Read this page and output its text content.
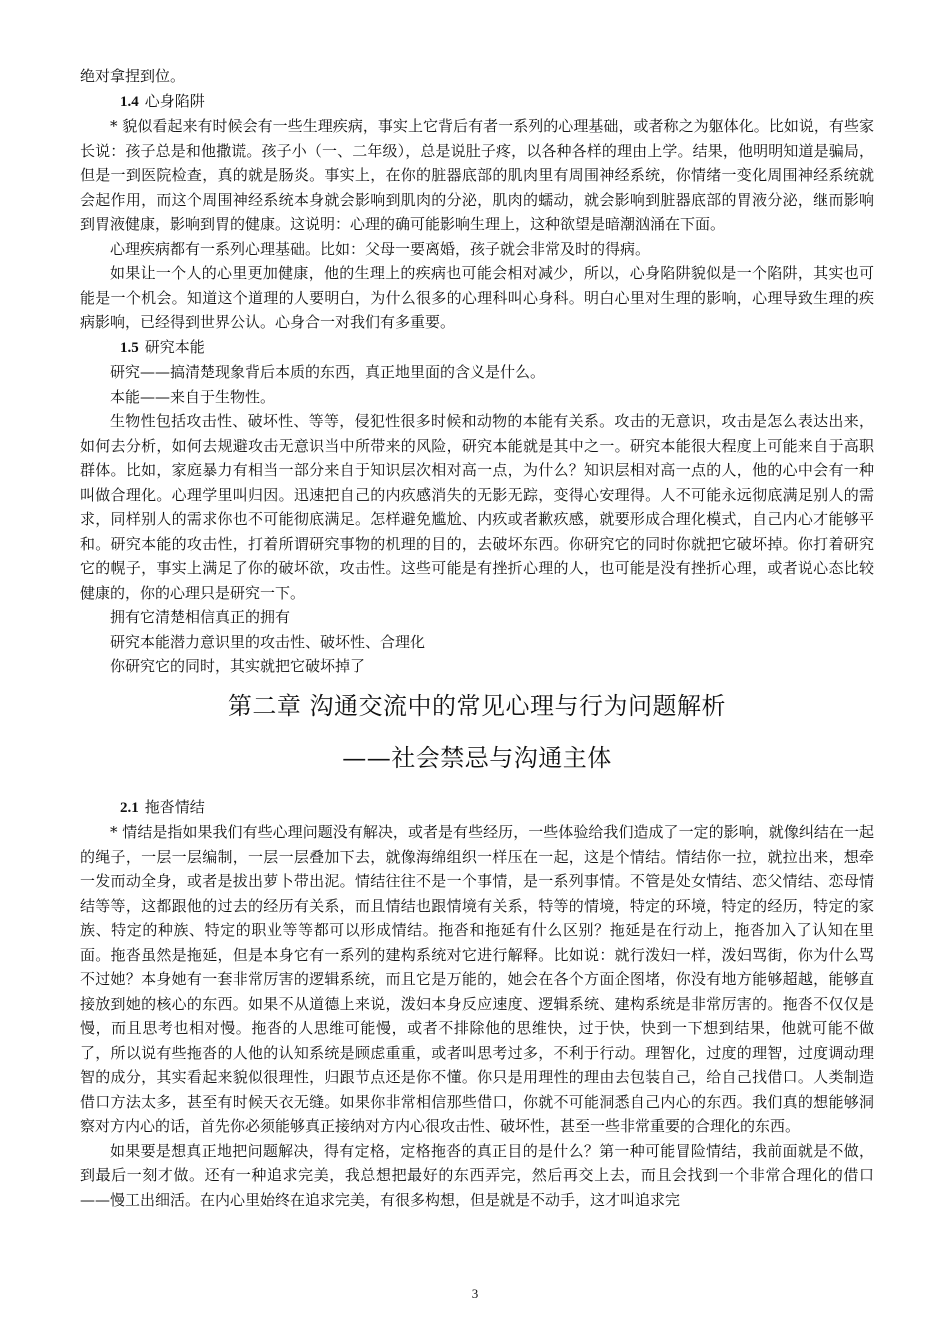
绝对拿捏到位。

1.4 心身陷阱

* 貌似看起来有时候会有一些生理疾病，事实上它背后有者一系列的心理基础，或者称之为躯体化。比如说，有些家长说：孩子总是和他撒谎。孩子小（一、二年级），总是说肚子疼，以各种各样的理由上学。结果，他明明知道是骗局，但是一到医院检查，真的就是肠炎。事实上，在你的脏器底部的肌肉里有周围神经系统，你情绪一变化周围神经系统就会起作用，而这个周围神经系统本身就会影响到肌肉的分泌，肌肉的蠕动，就会影响到脏器底部的胃液分泌，继而影响到胃液健康，影响到胃的健康。这说明：心理的确可能影响生理上，这种欲望是暗潮汹涌在下面。

心理疾病都有一系列心理基础。比如：父母一要离婚，孩子就会非常及时的得病。

如果让一个人的心里更加健康，他的生理上的疾病也可能会相对减少，所以，心身陷阱貌似是一个陷阱，其实也可能是一个机会。知道这个道理的人要明白，为什么很多的心理科叫心身科。明白心里对生理的影响，心理导致生理的疾病影响，已经得到世界公认。心身合一对我们有多重要。

1.5 研究本能

研究——搞清楚现象背后本质的东西，真正地里面的含义是什么。

本能——来自于生物性。

生物性包括攻击性、破坏性、等等，侵犯性很多时候和动物的本能有关系。攻击的无意识，攻击是怎么表达出来，如何去分析，如何去规避攻击无意识当中所带来的风险，研究本能就是其中之一。研究本能很大程度上可能来自于高职群体。比如，家庭暴力有相当一部分来自于知识层次相对高一点，为什么？知识层相对高一点的人，他的心中会有一种叫做合理化。心理学里叫归因。迅速把自己的内疚感消失的无影无踪，变得心安理得。人不可能永远彻底满足别人的需求，同样别人的需求你也不可能彻底满足。怎样避免尴尬、内疚或者歉疚感，就要形成合理化模式，自己内心才能够平和。研究本能的攻击性，打着所谓研究事物的机理的目的，去破坏东西。你研究它的同时你就把它破坏掉。你打着研究它的幌子，事实上满足了你的破坏欲，攻击性。这些可能是有挫折心理的人，也可能是没有挫折心理，或者说心态比较健康的，你的心理只是研究一下。

拥有它清楚相信真正的拥有

研究本能潜力意识里的攻击性、破坏性、合理化

你研究它的同时，其实就把它破坏掉了

第二章 沟通交流中的常见心理与行为问题解析
——社会禁忌与沟通主体
2.1 拖沓情结

* 情结是指如果我们有些心理问题没有解决，或者是有些经历，一些体验给我们造成了一定的影响，就像纠结在一起的绳子，一层一层编制，一层一层叠加下去，就像海绵组织一样压在一起，这是个情结。情结你一拉，就拉出来，想牵一发而动全身，或者是拔出萝卜带出泥。情结往往不是一个事情，是一系列事情。不管是处女情结、恋父情结、恋母情结等等，这都跟他的过去的经历有关系，而且情结也跟情境有关系，特等的情境，特定的环境，特定的经历，特定的家族、特定的种族、特定的职业等等都可以形成情结。拖沓和拖延有什么区别？拖延是在行动上，拖沓加入了认知在里面。拖沓虽然是拖延，但是本身它有一系列的建构系统对它进行解释。比如说：就行泼妇一样，泼妇骂街，你为什么骂不过她？本身她有一套非常厉害的逻辑系统，而且它是万能的，她会在各个方面企图堵，你没有地方能够超越，能够直接放到她的核心的东西。如果不从道德上来说，泼妇本身反应速度、逻辑系统、建构系统是非常厉害的。拖沓不仅仅是慢，而且思考也相对慢。拖沓的人思维可能慢，或者不排除他的思维快，过于快，快到一下想到结果，他就可能不做了，所以说有些拖沓的人他的认知系统是顾虑重重，或者叫思考过多，不利于行动。理智化，过度的理智，过度调动理智的成分，其实看起来貌似很理性，归跟节点还是你不懂。你只是用理性的理由去包装自己，给自己找借口。人类制造借口方法太多，甚至有时候天衣无缝。如果你非常相信那些借口，你就不可能洞悉自己内心的东西。我们真的想能够洞察对方内心的话，首先你必须能够真正接纳对方内心很攻击性、破坏性，甚至一些非常重要的合理化的东西。

如果要是想真正地把问题解决，得有定格，定格拖沓的真正目的是什么？第一种可能冒险情结，我前面就是不做，到最后一刻才做。还有一种追求完美，我总想把最好的东西弄完，然后再交上去，而且会找到一个非常合理化的借口——慢工出细活。在内心里始终在追求完美，有很多构想，但是就是不动手，这才叫追求完

3
